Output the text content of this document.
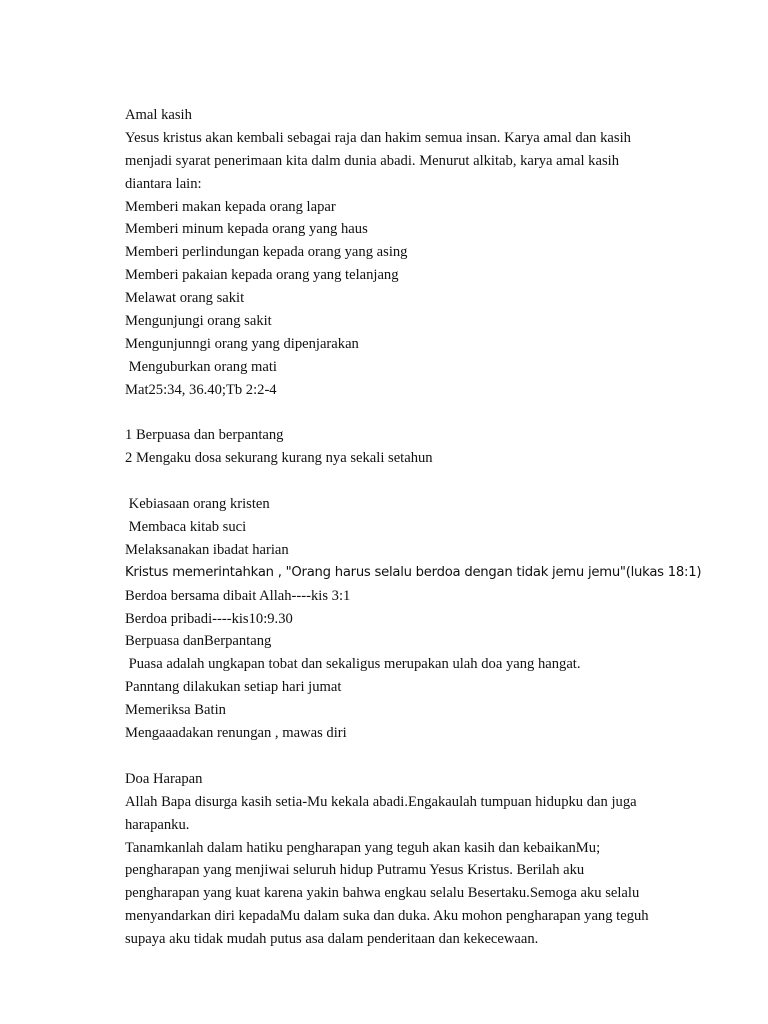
Amal kasih
Yesus kristus akan kembali sebagai raja dan hakim semua insan. Karya amal dan kasih
menjadi syarat penerimaan kita dalm dunia abadi. Menurut alkitab, karya amal kasih
diantara lain:
Memberi makan kepada orang lapar
Memberi minum kepada orang yang haus
Memberi perlindungan kepada orang yang asing
Memberi pakaian kepada orang yang telanjang
Melawat orang sakit
Mengunjungi orang sakit
Mengunjunngi orang yang dipenjarakan
Menguburkan orang mati
Mat25:34, 36.40;Tb 2:2-4
1 Berpuasa dan berpantang
2 Mengaku dosa sekurang kurang nya sekali setahun
Kebiasaan orang kristen
Membaca kitab suci
Melaksanakan ibadat harian
Kristus memerintahkan , "Orang harus selalu berdoa dengan tidak jemu jemu"(lukas 18:1)
Berdoa bersama dibait Allah----kis 3:1
Berdoa pribadi----kis10:9.30
Berpuasa danBerpantang
Puasa adalah ungkapan tobat dan sekaligus merupakan ulah doa yang hangat.
Panntang dilakukan setiap hari jumat
Memeriksa Batin
Mengaaadakan renungan , mawas diri
Doa Harapan
Allah Bapa disurga kasih setia-Mu kekala abadi.Engakaulah tumpuan hidupku dan juga
harapanku.
Tanamkanlah dalam hatiku pengharapan yang teguh akan kasih dan kebaikanMu;
pengharapan yang menjiwai seluruh hidup Putramu Yesus Kristus. Berilah aku
pengharapan yang kuat karena yakin bahwa engkau selalu Besertaku.Semoga aku selalu
menyandarkan diri kepadaMu dalam suka dan duka. Aku mohon pengharapan yang teguh
supaya aku tidak mudah putus asa dalam penderitaan dan kekecewaan.
